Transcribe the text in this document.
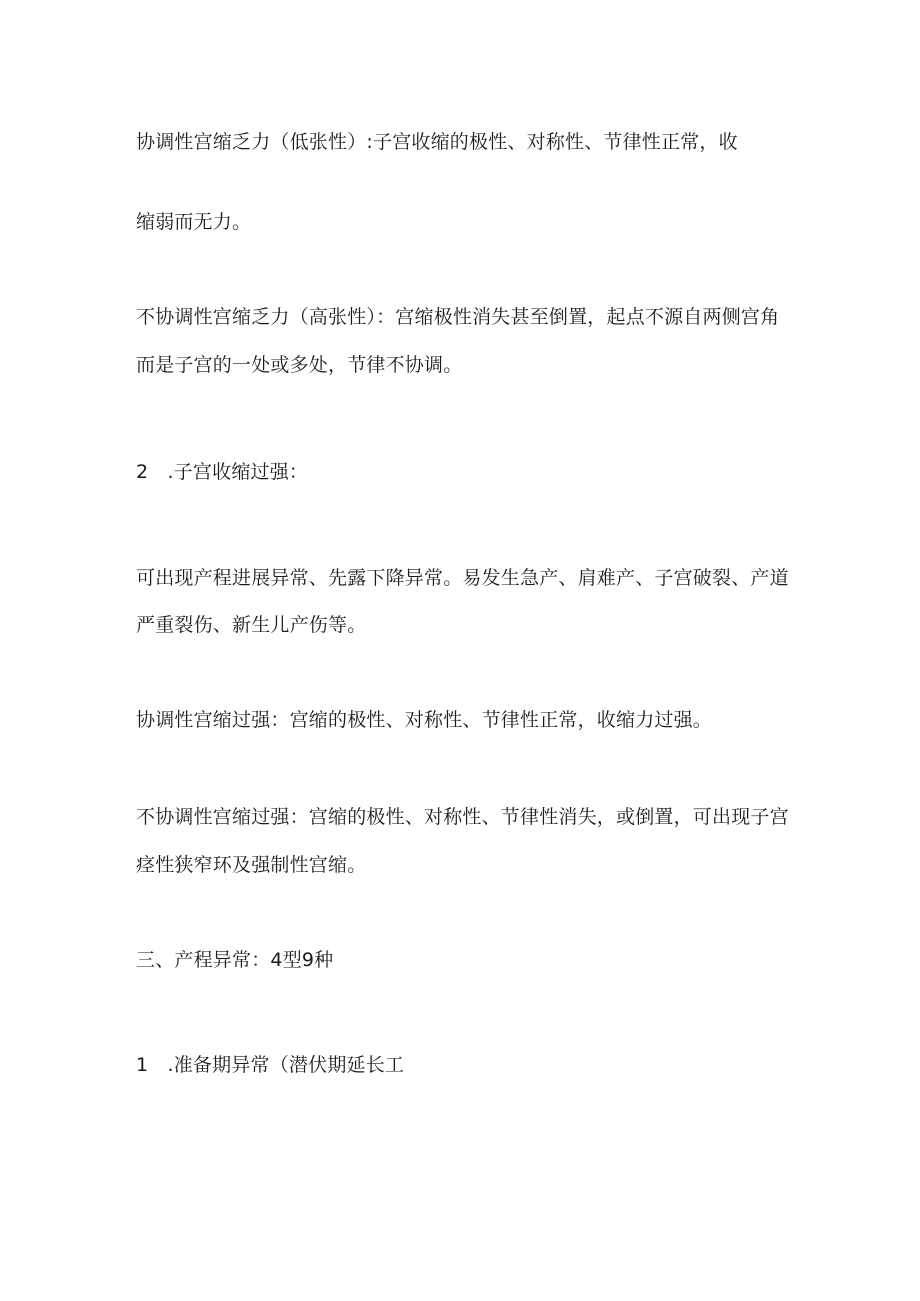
协调性宫缩乏力（低张性）:子宫收缩的极性、对称性、节律性正常，收

缩弱而无力。

不协调性宫缩乏力（高张性）：宫缩极性消失甚至倒置，起点不源自两侧宫角

而是子宫的一处或多处，节律不协调。

2　.子宫收缩过强：

可出现产程进展异常、先露下降异常。易发生急产、肩难产、子宫破裂、产道

严重裂伤、新生儿产伤等。

协调性宫缩过强：宫缩的极性、对称性、节律性正常，收缩力过强。

不协调性宫缩过强：宫缩的极性、对称性、节律性消失，或倒置，可出现子宫

痉性狭窄环及强制性宫缩。

三、产程异常：4型9种

1　.准备期异常（潜伏期延长工
